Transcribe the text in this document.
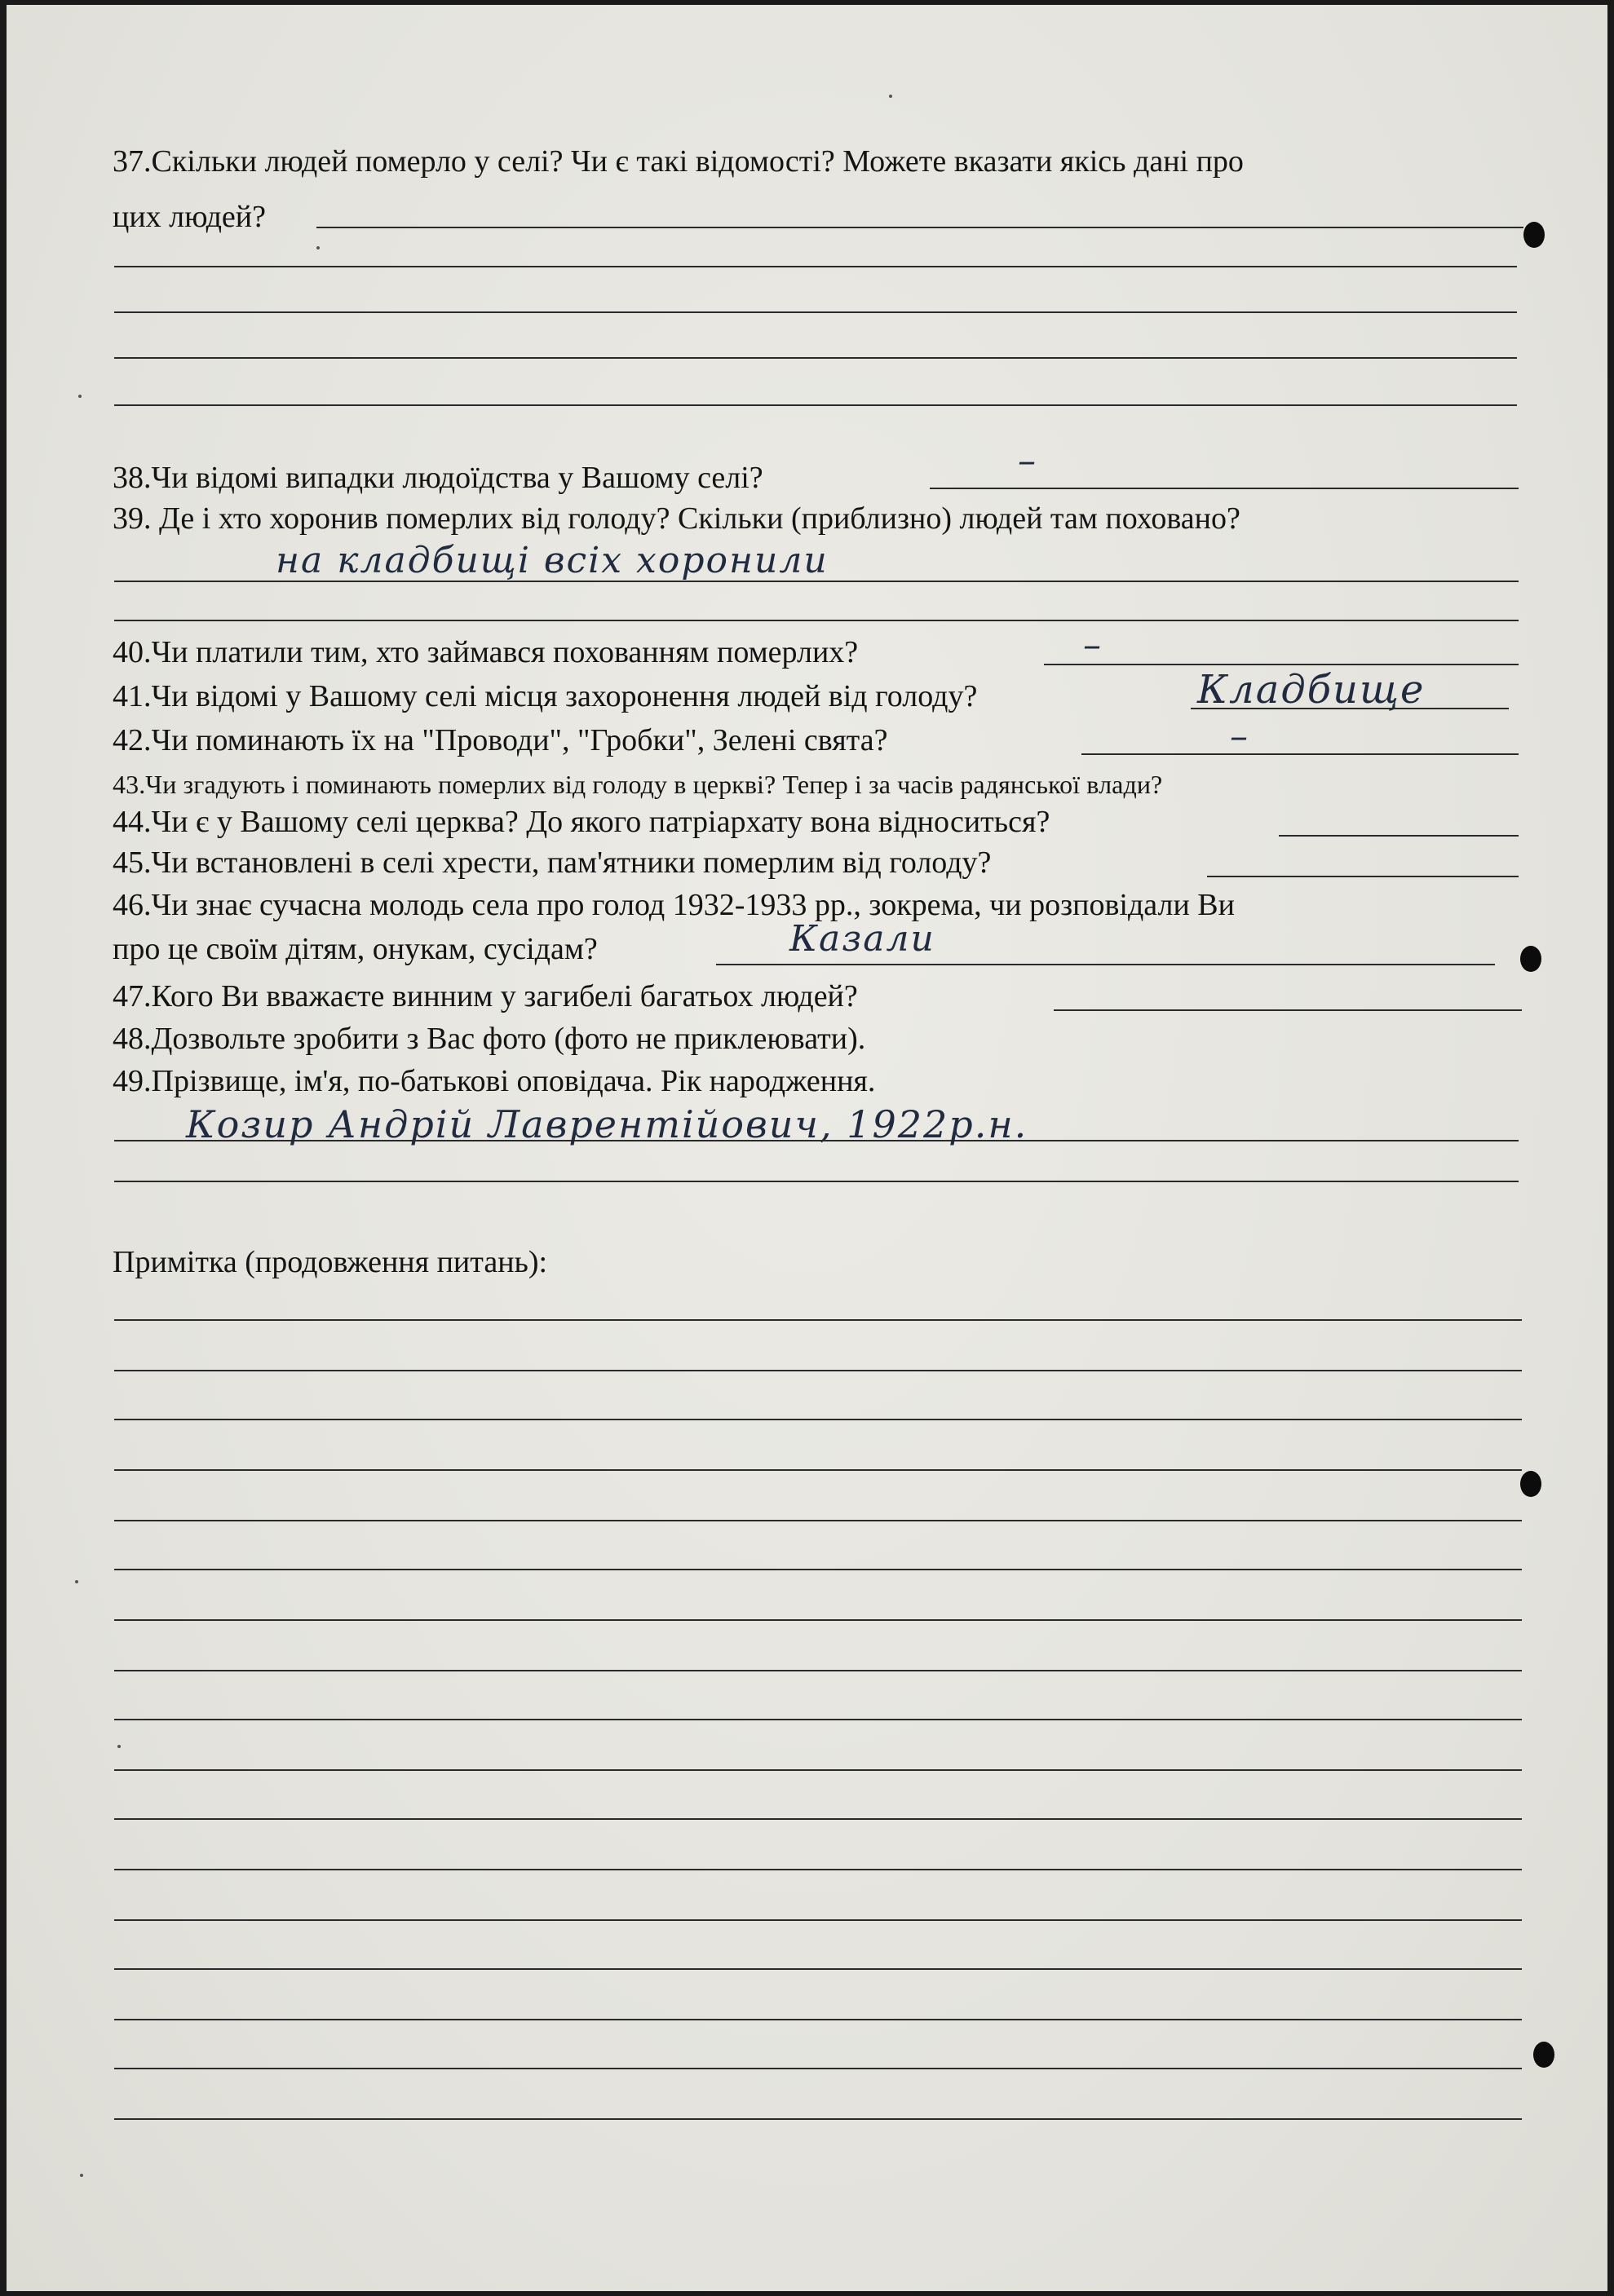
37.Скільки людей померло у селі? Чи є такі відомості? Можете вказати якісь дані про

цих людей?

38.Чи відомі випадки людоїдства у Вашому селі?	–

39. Де і хто хоронив померлих від голоду? Скільки (приблизно) людей там поховано?

на кладбищі всіх хоронили

40.Чи платили тим, хто займався похованням померлих?	–

41.Чи відомі у Вашому селі місця захоронення людей від голоду?	Кладбище

42.Чи поминають їх на "Проводи", "Гробки", Зелені свята?	–

43.Чи згадують і поминають померлих від голоду в церкві? Тепер і за часів радянської влади?

44.Чи є у Вашому селі церква? До якого патріархату вона відноситься?

45.Чи встановлені в селі хрести, пам'ятники померлим від голоду?

46.Чи знає сучасна молодь села про голод 1932-1933 рр., зокрема, чи розповідали Ви

про це своїм дітям, онукам, сусідам?	Казали

47.Кого Ви вважаєте винним у загибелі багатьох людей?

48.Дозвольте зробити з Вас фото (фото не приклеювати).

49.Прізвище, ім'я, по-батькові оповідача. Рік народження.

Козир Андрій Лаврентійович, 1922р.н.

Примітка (продовження питань):
